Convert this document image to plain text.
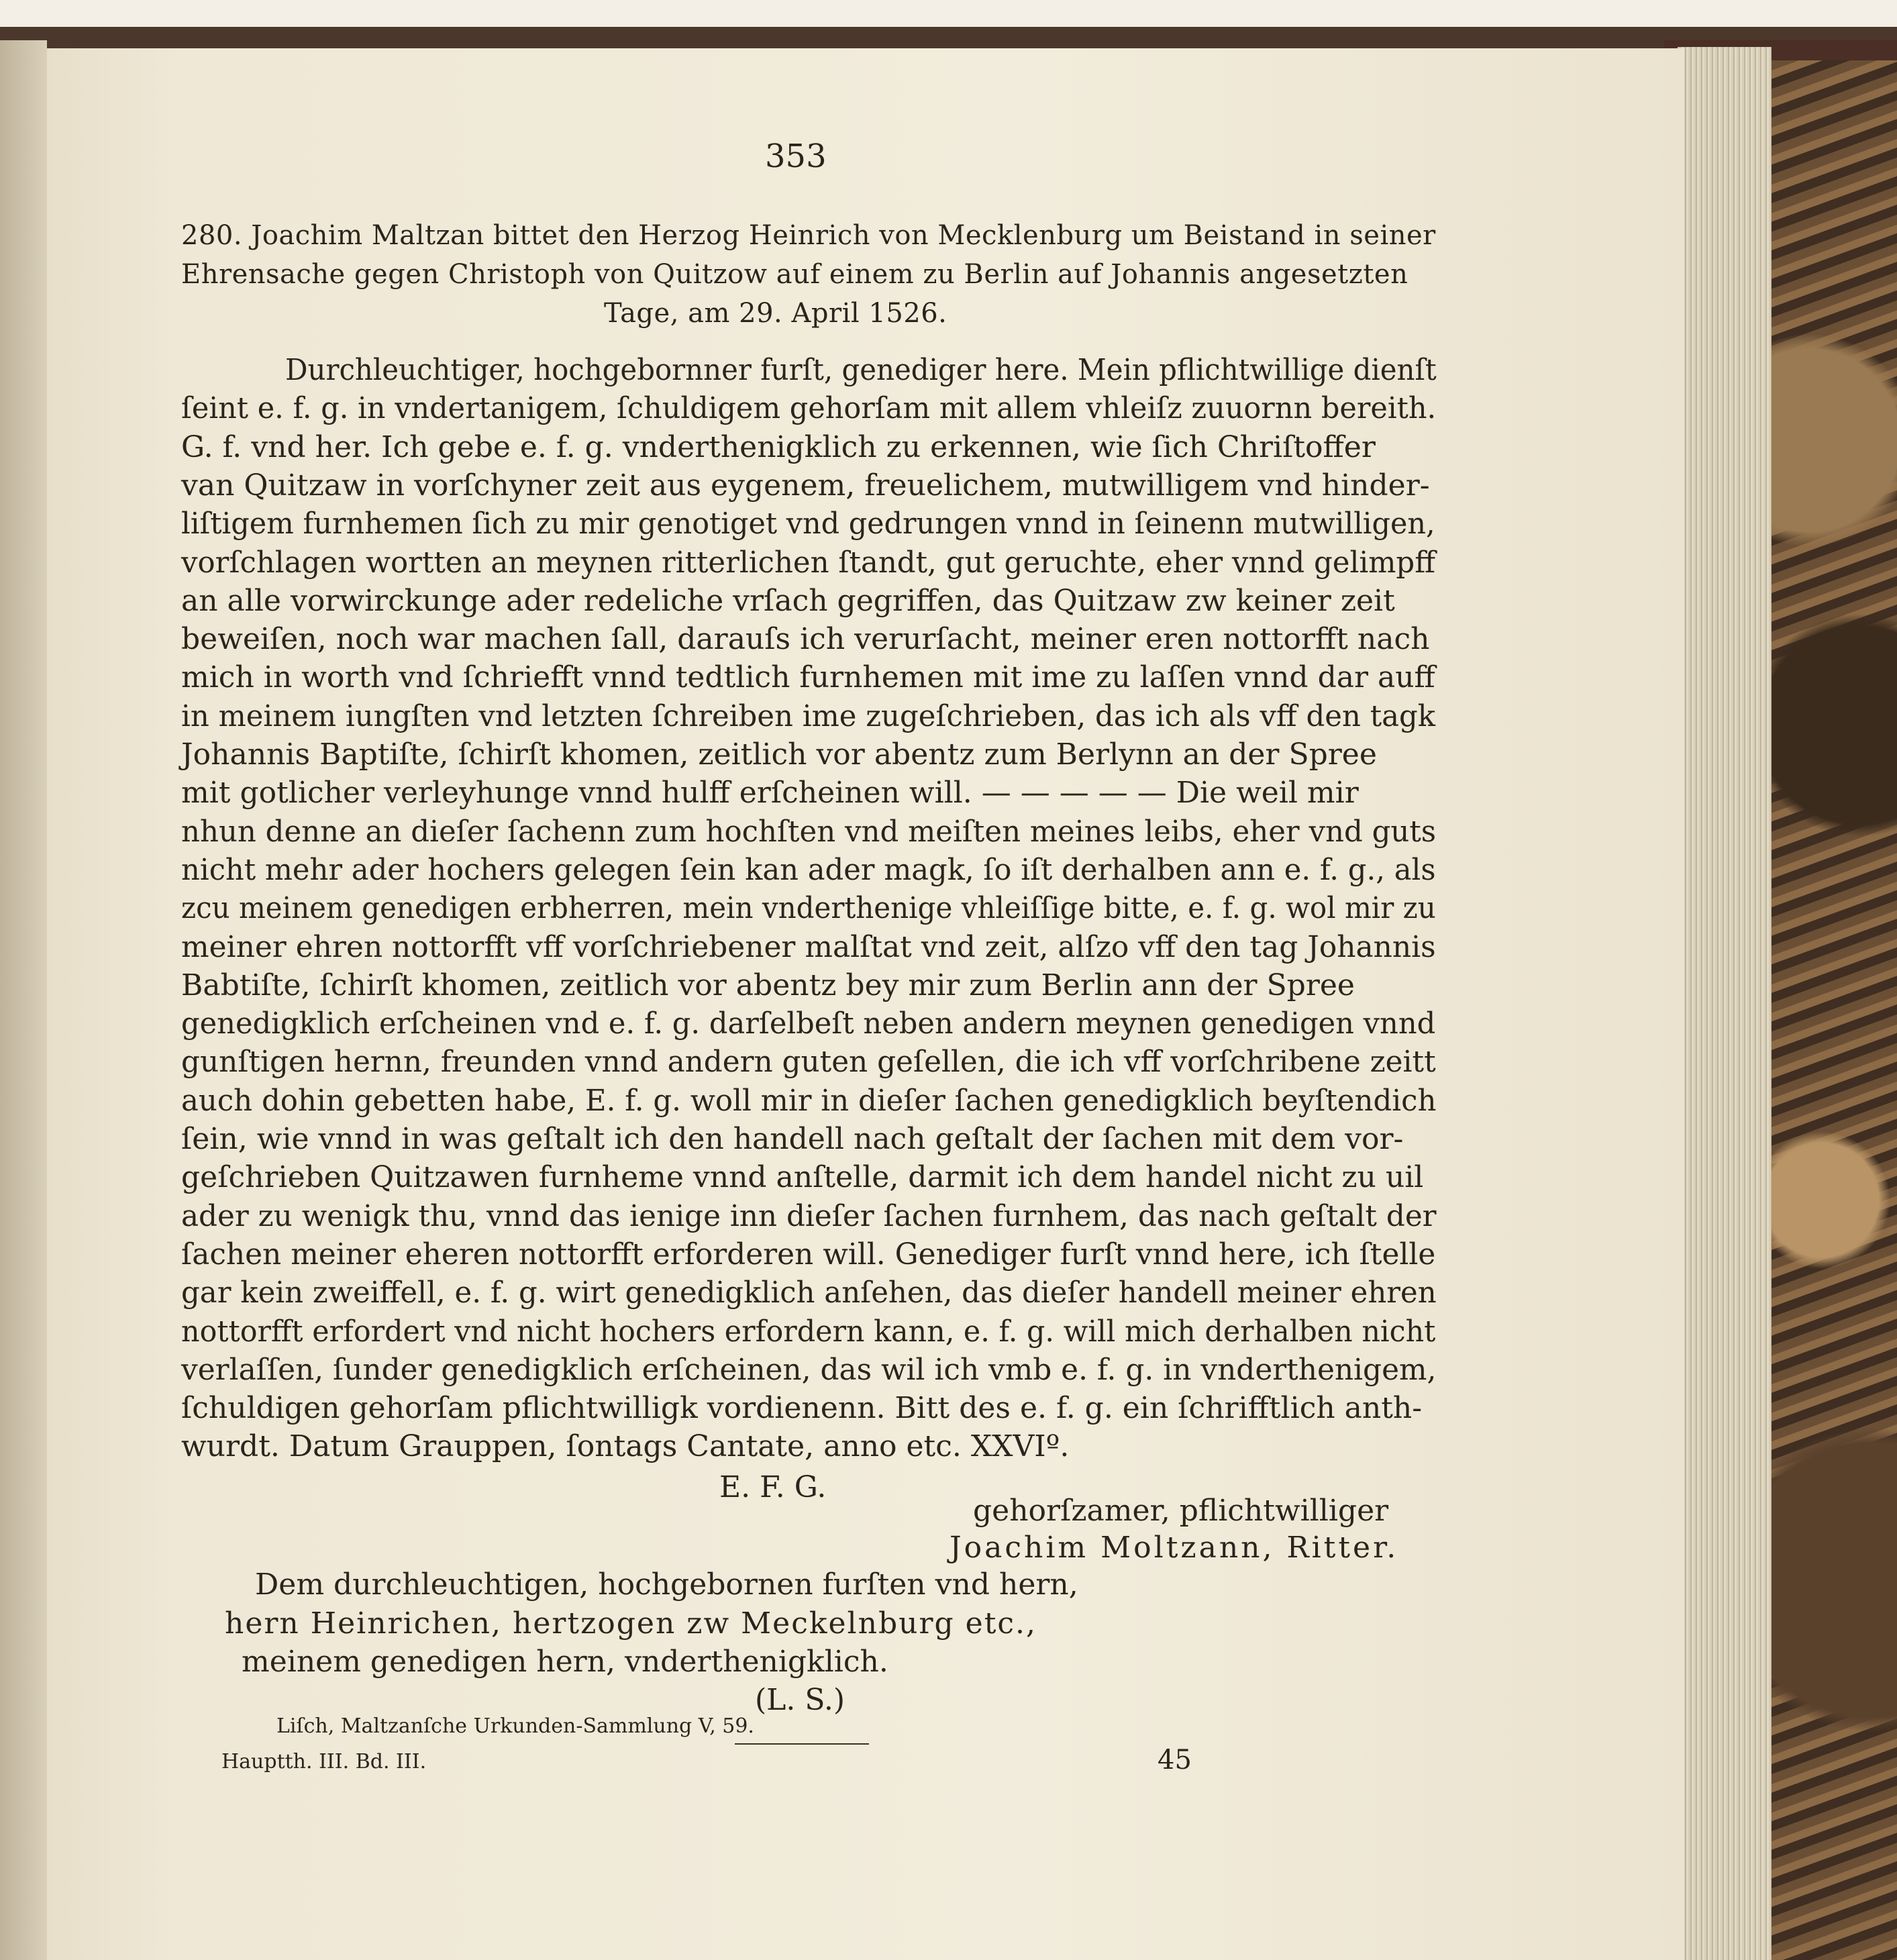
353
280. Joachim Maltzan bittet den Herzog Heinrich von Mecklenburg um Beistand in seiner
Ehrensache gegen Christoph von Quitzow auf einem zu Berlin auf Johannis angesetzten
Tage, am 29. April 1526.
Durchleuchtiger, hochgebornner furſt, genediger here. Mein pflichtwillige dienſt
ſeint e. f. g. in vndertanigem, ſchuldigem gehorſam mit allem vhleiſz zuuornn bereith.
G. f. vnd her. Ich gebe e. f. g. vnderthenigklich zu erkennen, wie ſich Chriſtoffer
van Quitzaw in vorſchyner zeit aus eygenem, freuelichem, mutwilligem vnd hinder-
liſtigem furnhemen ſich zu mir genotiget vnd gedrungen vnnd in ſeinenn mutwilligen,
vorſchlagen wortten an meynen ritterlichen ſtandt, gut geruchte, eher vnnd gelimpff
an alle vorwirckunge ader redeliche vrſach gegriffen, das Quitzaw zw keiner zeit
beweiſen, noch war machen ſall, darauſs ich verurſacht, meiner eren nottorfft nach
mich in worth vnd ſchriefft vnnd tedtlich furnhemen mit ime zu laſſen vnnd dar auff
in meinem iungſten vnd letzten ſchreiben ime zugeſchrieben, das ich als vff den tagk
Johannis Baptiſte, ſchirſt khomen, zeitlich vor abentz zum Berlynn an der Spree
mit gotlicher verleyhunge vnnd hulff erſcheinen will. — — — — — Die weil mir
nhun denne an dieſer ſachenn zum hochſten vnd meiſten meines leibs, eher vnd guts
nicht mehr ader hochers gelegen ſein kan ader magk, ſo iſt derhalben ann e. f. g., als
zcu meinem genedigen erbherren, mein vnderthenige vhleiſſige bitte, e. f. g. wol mir zu
meiner ehren nottorfft vff vorſchriebener malſtat vnd zeit, alſzo vff den tag Johannis
Babtiſte, ſchirſt khomen, zeitlich vor abentz bey mir zum Berlin ann der Spree
genedigklich erſcheinen vnd e. f. g. darſelbeſt neben andern meynen genedigen vnnd
gunſtigen hernn, freunden vnnd andern guten geſellen, die ich vff vorſchribene zeitt
auch dohin gebetten habe, E. f. g. woll mir in dieſer ſachen genedigklich beyſtendich
ſein, wie vnnd in was geſtalt ich den handell nach geſtalt der ſachen mit dem vor-
geſchrieben Quitzawen furnheme vnnd anſtelle, darmit ich dem handel nicht zu uil
ader zu wenigk thu, vnnd das ienige inn dieſer ſachen furnhem, das nach geſtalt der
ſachen meiner eheren nottorfft erforderen will. Genediger furſt vnnd here, ich ſtelle
gar kein zweiffell, e. f. g. wirt genedigklich anſehen, das dieſer handell meiner ehren
nottorfft erfordert vnd nicht hochers erfordern kann, e. f. g. will mich derhalben nicht
verlaſſen, ſunder genedigklich erſcheinen, das wil ich vmb e. f. g. in vnderthenigem,
ſchuldigen gehorſam pflichtwilligk vordienenn. Bitt des e. f. g. ein ſchrifftlich anth-
wurdt. Datum Grauppen, ſontags Cantate, anno etc. XXVIº.
E. F. G.
gehorſzamer, pflichtwilliger
Joachim Moltzann, Ritter.
Dem durchleuchtigen, hochgebornen furſten vnd hern,
hern Heinrichen, hertzogen zw Meckelnburg etc.,
meinem genedigen hern, vnderthenigklich.
(L. S.)
Liſch, Maltzanſche Urkunden-Sammlung V, 59.
Hauptth. III. Bd. III.	45
